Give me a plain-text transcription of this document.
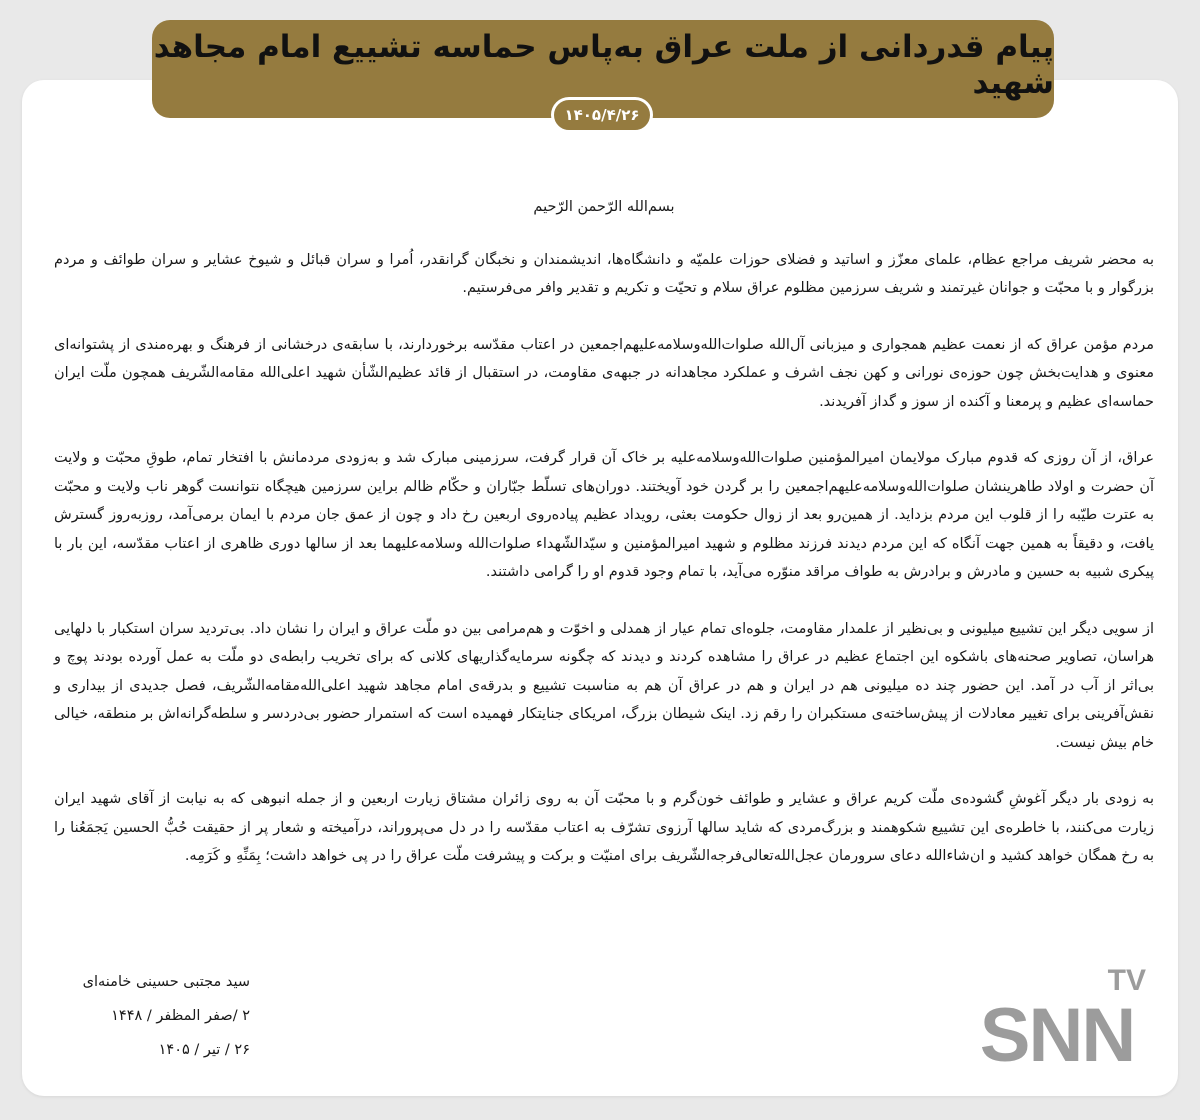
پیام قدردانی از ملت عراق به‌پاس حماسه تشییع امام مجاهد شهید
۱۴۰۵/۴/۲۶

بسم‌الله الرّحمن الرّحیم

به محضر شریف مراجع عظام، علمای معزّز و اساتید و فضلای حوزات علمیّه و دانشگاه‌ها، اندیشمندان و نخبگان گرانقدر، اُمرا و سران قبائل و شیوخ عشایر و سران طوائف و مردم بزرگوار و با محبّت و جوانان غیرتمند و شریف سرزمین مظلوم عراق سلام و تحیّت و تکریم و تقدیر وافر می‌فرستیم.

مردم مؤمن عراق که از نعمت عظیم همجواری و میزبانی آل‌الله صلوات‌الله‌وسلامه‌علیهم‌اجمعین در اعتاب مقدّسه برخوردارند، با سابقه‌ی درخشانی از فرهنگ و بهره‌مندی از پشتوانه‌ای معنوی و هدایت‌بخش چون حوزه‌ی نورانی و کهن نجف اشرف و عملکرد مجاهدانه در جبهه‌ی مقاومت، در استقبال از قائد عظیم‌الشّأن شهید اعلی‌الله مقامه‌الشّریف همچون ملّت ایران حماسه‌ای عظیم و پرمعنا و آکنده از سوز و گداز آفریدند.

عراق، از آن روزی که قدوم مبارک مولایمان امیرالمؤمنین صلوات‌الله‌وسلامه‌علیه بر خاک آن قرار گرفت، سرزمینی مبارک شد و به‌زودی مردمانش با افتخار تمام، طوقِ محبّت و ولایت آن حضرت و اولاد طاهرینشان صلوات‌الله‌وسلامه‌علیهم‌اجمعین را بر گردن خود آویختند. دوران‌های تسلّط جبّاران و حکّام ظالم براین سرزمین هیچگاه نتوانست گوهر ناب ولایت و محبّت به عترت طیّبه را از قلوب این مردم بزداید. از همین‌رو بعد از زوال حکومت بعثی، رویداد عظیم پیاده‌روی اربعین رخ داد و چون از عمق جان مردم با ایمان برمی‌آمد، روزبه‌روز گسترش یافت، و دقیقاً به همین جهت آنگاه که این مردم دیدند فرزند مظلوم و شهید امیرالمؤمنین و سیّدالشّهداء صلوات‌الله وسلامه‌علیهما بعد از سالها دوری ظاهری از اعتاب مقدّسه، این بار با پیکری شبیه به حسین و مادرش و برادرش به طواف مراقد منوّره می‌آید، با تمام وجود قدوم او را گرامی داشتند.

از سویی دیگر این تشییع میلیونی و بی‌نظیر از علمدار مقاومت، جلوه‌ای تمام عیار از همدلی و اخوّت و هم‌مرامی بین دو ملّت عراق و ایران را نشان داد. بی‌تردید سران استکبار با دلهایی هراسان، تصاویر صحنه‌های باشکوه این اجتماع عظیم در عراق را مشاهده کردند و دیدند که چگونه سرمایه‌گذاریهای کلانی که برای تخریب رابطه‌ی دو ملّت به عمل آورده بودند پوچ و بی‌اثر از آب در آمد. این حضور چند ده میلیونی هم در ایران و هم در عراق آن هم به مناسبت تشییع و بدرقه‌ی امام مجاهد شهید اعلی‌الله‌مقامه‌الشّریف، فصل جدیدی از بیداری و نقش‌آفرینی برای تغییر معادلات از پیش‌ساخته‌ی مستکبران را رقم زد. اینک شیطان بزرگ، امریکای جنایتکار فهمیده است که استمرار حضور بی‌دردسر و سلطه‌گرانه‌اش بر منطقه، خیالی خام بیش نیست.

به زودی بار دیگر آغوشِ گشوده‌ی ملّت کریم عراق و عشایر و طوائف خون‌گرم و با محبّت آن به روی زائران مشتاق زیارت اربعین و از جمله انبوهی که به نیابت از آقای شهید ایران زیارت می‌کنند، با خاطره‌ی این تشییع شکوهمند و بزرگ‌مردی که شاید سالها آرزوی تشرّف به اعتاب مقدّسه را در دل می‌پروراند، درآمیخته و شعار پر از حقیقت حُبُّ الحسین یَجمَعُنا را به رخ همگان خواهد کشید و ان‌شاءالله دعای سرورمان عجل‌الله‌تعالی‌فرجه‌الشّریف برای امنیّت و برکت و پیشرفت ملّت عراق را در پی خواهد داشت؛ بِمَنِّهِ و کَرَمِه.

سید مجتبی حسینی خامنه‌ای
۲ /صفر المظفر / ۱۴۴۸
۲۶ / تیر / ۱۴۰۵
TV
SNN
